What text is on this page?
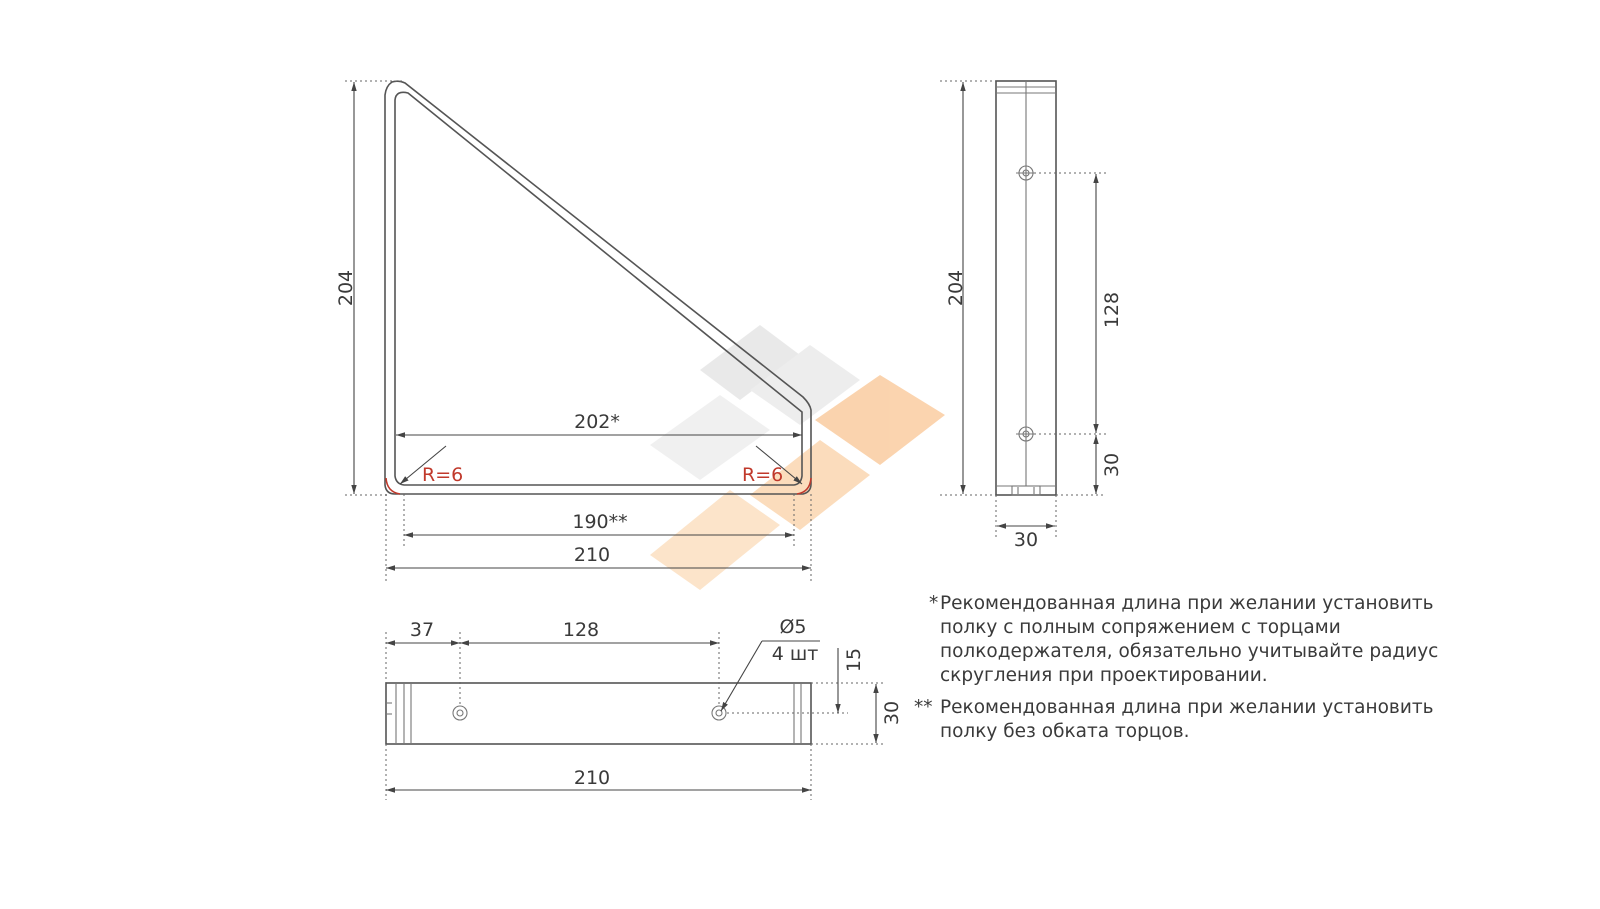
R=6	R=6
204
202*
190**
210
204
128
30
30
37	128	Ø5
4 шт 15
30
210
* Рекомендованная длина при желании установить
полку с полным сопряжением с торцами
полкодержателя, обязательно учитывайте радиус
скругления при проектировании.
** Рекомендованная длина при желании установить
полку без обката торцов.
